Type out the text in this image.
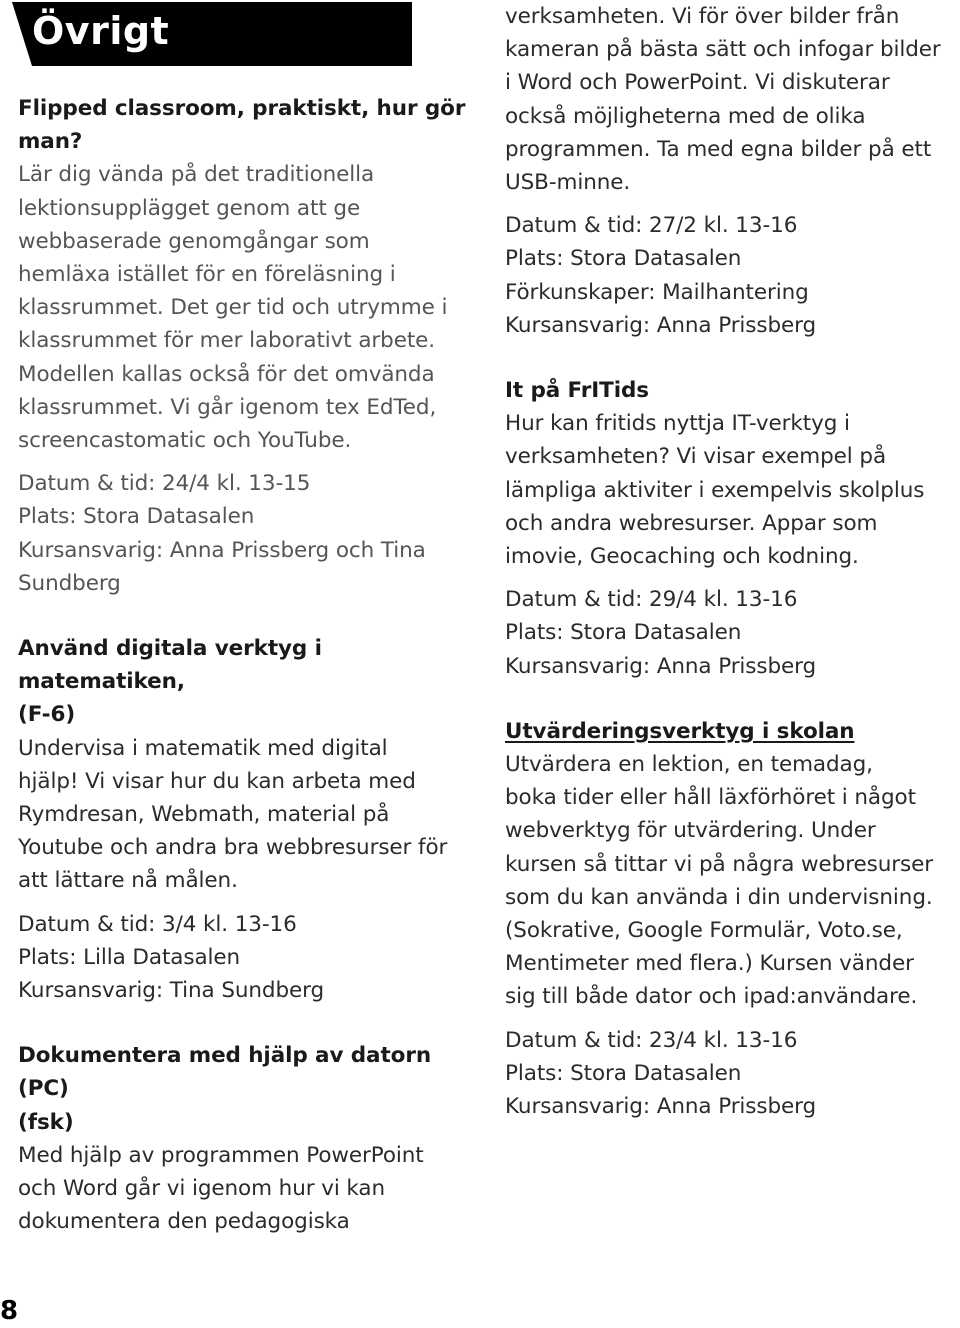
Övrigt

Flipped classroom, praktiskt, hur gör
man?

Lär dig vända på det traditionella
lektionsupplägget genom att ge
webbaserade genomgångar som
hemläxa istället för en föreläsning i
klassrummet. Det ger tid och utrymme i
klassrummet för mer laborativt arbete.
Modellen kallas också för det omvända
klassrummet. Vi går igenom tex EdTed,
screencastomatic och YouTube.

Datum & tid: 24/4 kl. 13-15

Plats: Stora Datasalen

Kursansvarig: Anna Prissberg och Tina
Sundberg

Använd digitala verktyg i matematiken,
(F-6)

Undervisa i matematik med digital
hjälp! Vi visar hur du kan arbeta med
Rymdresan, Webmath, material på
Youtube och andra bra webbresurser för
att lättare nå målen.

Datum & tid: 3/4 kl. 13-16

Plats: Lilla Datasalen

Kursansvarig: Tina Sundberg

Dokumentera med hjälp av datorn (PC)
(fsk)

Med hjälp av programmen PowerPoint
och Word går vi igenom hur vi kan
dokumentera den pedagogiska

verksamheten. Vi för över bilder från
kameran på bästa sätt och infogar bilder
i Word och PowerPoint. Vi diskuterar
också möjligheterna med de olika
programmen. Ta med egna bilder på ett
USB-minne.

Datum & tid: 27/2 kl. 13-16

Plats: Stora Datasalen

Förkunskaper: Mailhantering

Kursansvarig: Anna Prissberg

It på FrITids

Hur kan fritids nyttja IT-verktyg i
verksamheten? Vi visar exempel på
lämpliga aktiviter i exempelvis skolplus
och andra webresurser. Appar som
imovie, Geocaching och kodning.

Datum & tid: 29/4 kl. 13-16

Plats: Stora Datasalen

Kursansvarig: Anna Prissberg

Utvärderingsverktyg i skolan

Utvärdera en lektion, en temadag,
boka tider eller håll läxförhöret i något
webverktyg för utvärdering. Under
kursen så tittar vi på några webresurser
som du kan använda i din undervisning.
(Sokrative, Google Formulär, Voto.se,
Mentimeter med flera.) Kursen vänder
sig till både dator och ipad:användare.

Datum & tid: 23/4 kl. 13-16

Plats: Stora Datasalen

Kursansvarig: Anna Prissberg

8
